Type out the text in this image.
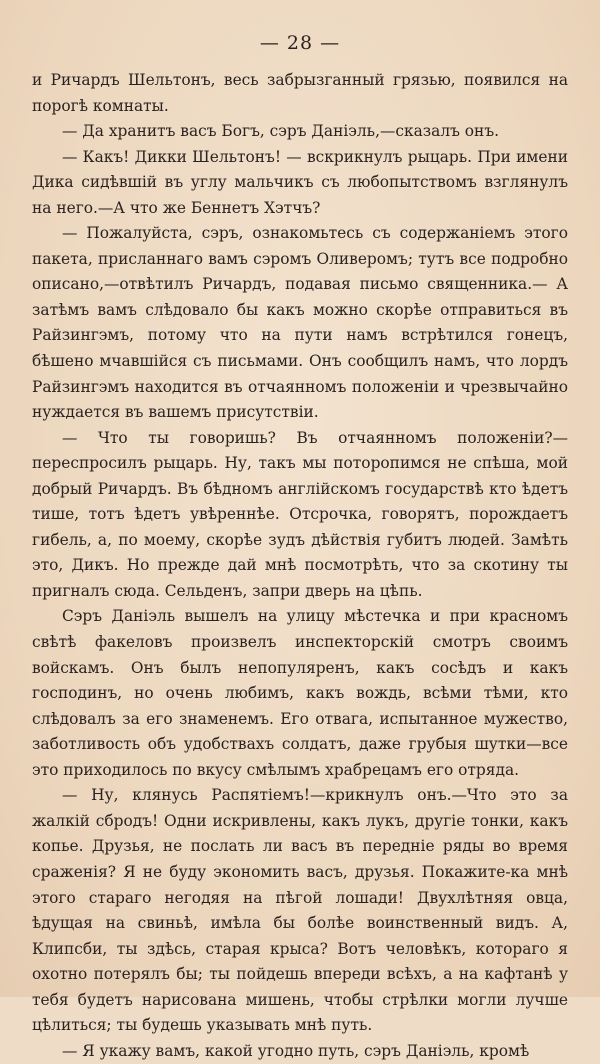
— 28 —

и Ричардъ Шельтонъ, весь забрызганный грязью, появился на порогѣ комнаты.

— Да хранитъ васъ Богъ, сэръ Даніэль,—сказалъ онъ.

— Какъ! Дикки Шельтонъ! — вскрикнулъ рыцарь. При имени Дика сидѣвшій въ углу мальчикъ съ любопытствомъ взглянулъ на него.—А что же Беннетъ Хэтчъ?

— Пожалуйста, сэръ, ознакомьтесь съ содержаніемъ этого пакета, присланнаго вамъ сэромъ Оливеромъ; тутъ все подробно описано,—отвѣтилъ Ричардъ, подавая письмо священника.— А затѣмъ вамъ слѣдовало бы какъ можно скорѣе отправиться въ Райзингэмъ, потому что на пути намъ встрѣтился гонецъ, бѣшено мчавшійся съ письмами. Онъ сообщилъ намъ, что лордъ Райзингэмъ находится въ отчаянномъ положеніи и чрезвычайно нуждается въ вашемъ присутствіи.

— Что ты говоришь? Въ отчаянномъ положеніи?—переспросилъ рыцарь. Ну, такъ мы поторопимся не спѣша, мой добрый Ричардъ. Въ бѣдномъ англійскомъ государствѣ кто ѣдетъ тише, тотъ ѣдетъ увѣреннѣе. Отсрочка, говорятъ, порождаетъ гибель, а, по моему, скорѣе зудъ дѣйствія губитъ людей. Замѣть это, Дикъ. Но прежде дай мнѣ посмотрѣть, что за скотину ты пригналъ сюда. Сельденъ, запри дверь на цѣпь.

Сэръ Даніэль вышелъ на улицу мѣстечка и при красномъ свѣтѣ факеловъ произвелъ инспекторскій смотръ своимъ войскамъ. Онъ былъ непопуляренъ, какъ сосѣдъ и какъ господинъ, но очень любимъ, какъ вождь, всѣми тѣми, кто слѣдовалъ за его знаменемъ. Его отвага, испытанное мужество, заботливость объ удобствахъ солдатъ, даже грубыя шутки—все это приходилось по вкусу смѣлымъ храбрецамъ его отряда.

— Ну, клянусь Распятіемъ!—крикнулъ онъ.—Что это за жалкій сбродъ! Одни искривлены, какъ лукъ, другіе тонки, какъ копье. Друзья, не послать ли васъ въ передніе ряды во время сраженія? Я не буду экономить васъ, друзья. Покажите-ка мнѣ этого стараго негодяя на пѣгой лошади! Двухлѣтняя овца, ѣдущая на свиньѣ, имѣла бы болѣе воинственный видъ. А, Клипсби, ты здѣсь, старая крыса? Вотъ человѣкъ, котораго я охотно потерялъ бы; ты пойдешь впереди всѣхъ, а на кафтанѣ у тебя будетъ нарисована мишень, чтобы стрѣлки могли лучше цѣлиться; ты будешь указывать мнѣ путь.

— Я укажу вамъ, какой угодно путь, сэръ Даніэль, кромѣ
